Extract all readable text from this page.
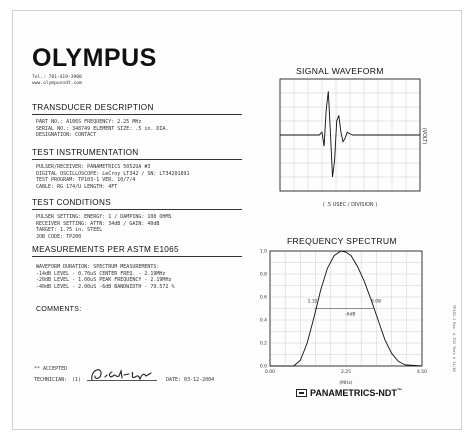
OLYMPUS
Tel.: 781-419-3900
www.olympusndt.com
TRANSDUCER DESCRIPTION
PART NO.: A106S FREQUENCY: 2.25 MHz
SERIAL NO.: 348749 ELEMENT SIZE: .5 in. DIA.
DESIGNATION: CONTACT
TEST INSTRUMENTATION
PULSER/RECEIVER: PANAMETRICS 5052UA #3
DIGITAL OSCILLOSCOPE: LeCroy LT342 / SN: LT34201891
TEST PROGRAM: TP103-1 VER. 10/7/4
CABLE: RG 174/U LENGTH: 4FT
TEST CONDITIONS
PULSER SETTING: ENERGY: 1 / DAMPING: 100 OHMS
RECEIVER SETTING: ATTN: 34dB / GAIN: 40dB
TARGET: 1.75 in. STEEL
JOB CODE: TP200
MEASUREMENTS PER ASTM E1065
WAVEFORM DURATION: SPECTRUM MEASUREMENTS:
-14dB LEVEL - 0.70uS CENTER FREQ. - 2.19MHz
-20dB LEVEL - 1.00uS PEAK FREQUENCY - 2.19MHz
-40dB LEVEL - 2.00uS -6dB BANDWIDTH - 79.572 %
COMMENTS:
** ACCEPTED
TECHNICIAN: (1)	DATE: 03-12-2004
SIGNAL WAVEFORM
(VOLT)
( .5 USEC / DIVISION )
FREQUENCY SPECTRUM
0.0
0.2
0.4
0.6
0.8
1.0
0.00	2.25	4.50
-6dB
1.32	3.08
(MHz)
PANAMETRICS-NDT™
TP103-1 Rev. A TG3 Test A 11/02
